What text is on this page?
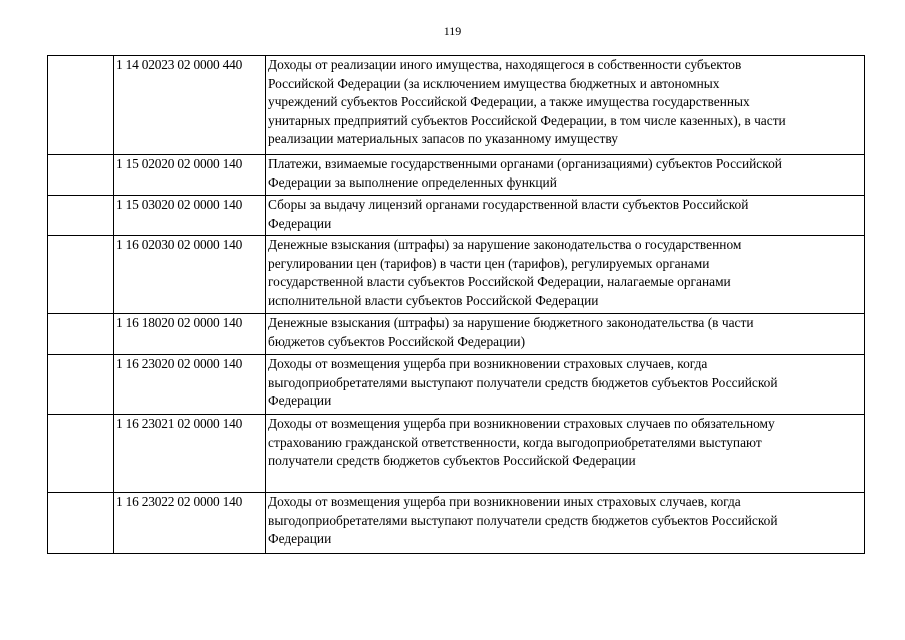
119
	1 14 02023 02 0000 440	Доходы от реализации иного имущества, находящегося в собственности субъектов
Российской Федерации (за исключением имущества бюджетных и автономных
учреждений субъектов Российской Федерации, а также имущества государственных
унитарных предприятий субъектов Российской Федерации, в том числе казенных), в части
реализации материальных запасов по указанному имуществу

	1 15 02020 02 0000 140	Платежи, взимаемые государственными органами (организациями) субъектов Российской
Федерации за выполнение определенных функций

	1 15 03020 02 0000 140	Сборы за выдачу лицензий органами государственной власти субъектов Российской
Федерации

	1 16 02030 02 0000 140	Денежные взыскания (штрафы) за нарушение законодательства о государственном
регулировании цен (тарифов) в части цен (тарифов), регулируемых органами
государственной власти субъектов Российской Федерации, налагаемые органами
исполнительной власти субъектов Российской Федерации

	1 16 18020 02 0000 140	Денежные взыскания (штрафы) за нарушение бюджетного законодательства (в части
бюджетов субъектов Российской Федерации)

	1 16 23020 02 0000 140	Доходы от возмещения ущерба при возникновении страховых случаев, когда
выгодоприобретателями выступают получатели средств бюджетов субъектов Российской
Федерации

	1 16 23021 02 0000 140	Доходы от возмещения ущерба при возникновении страховых случаев по обязательному
страхованию гражданской ответственности, когда выгодоприобретателями выступают
получатели средств бюджетов субъектов Российской Федерации

	1 16 23022 02 0000 140	Доходы от возмещения ущерба при возникновении иных страховых случаев, когда
выгодоприобретателями выступают получатели средств бюджетов субъектов Российской
Федерации
